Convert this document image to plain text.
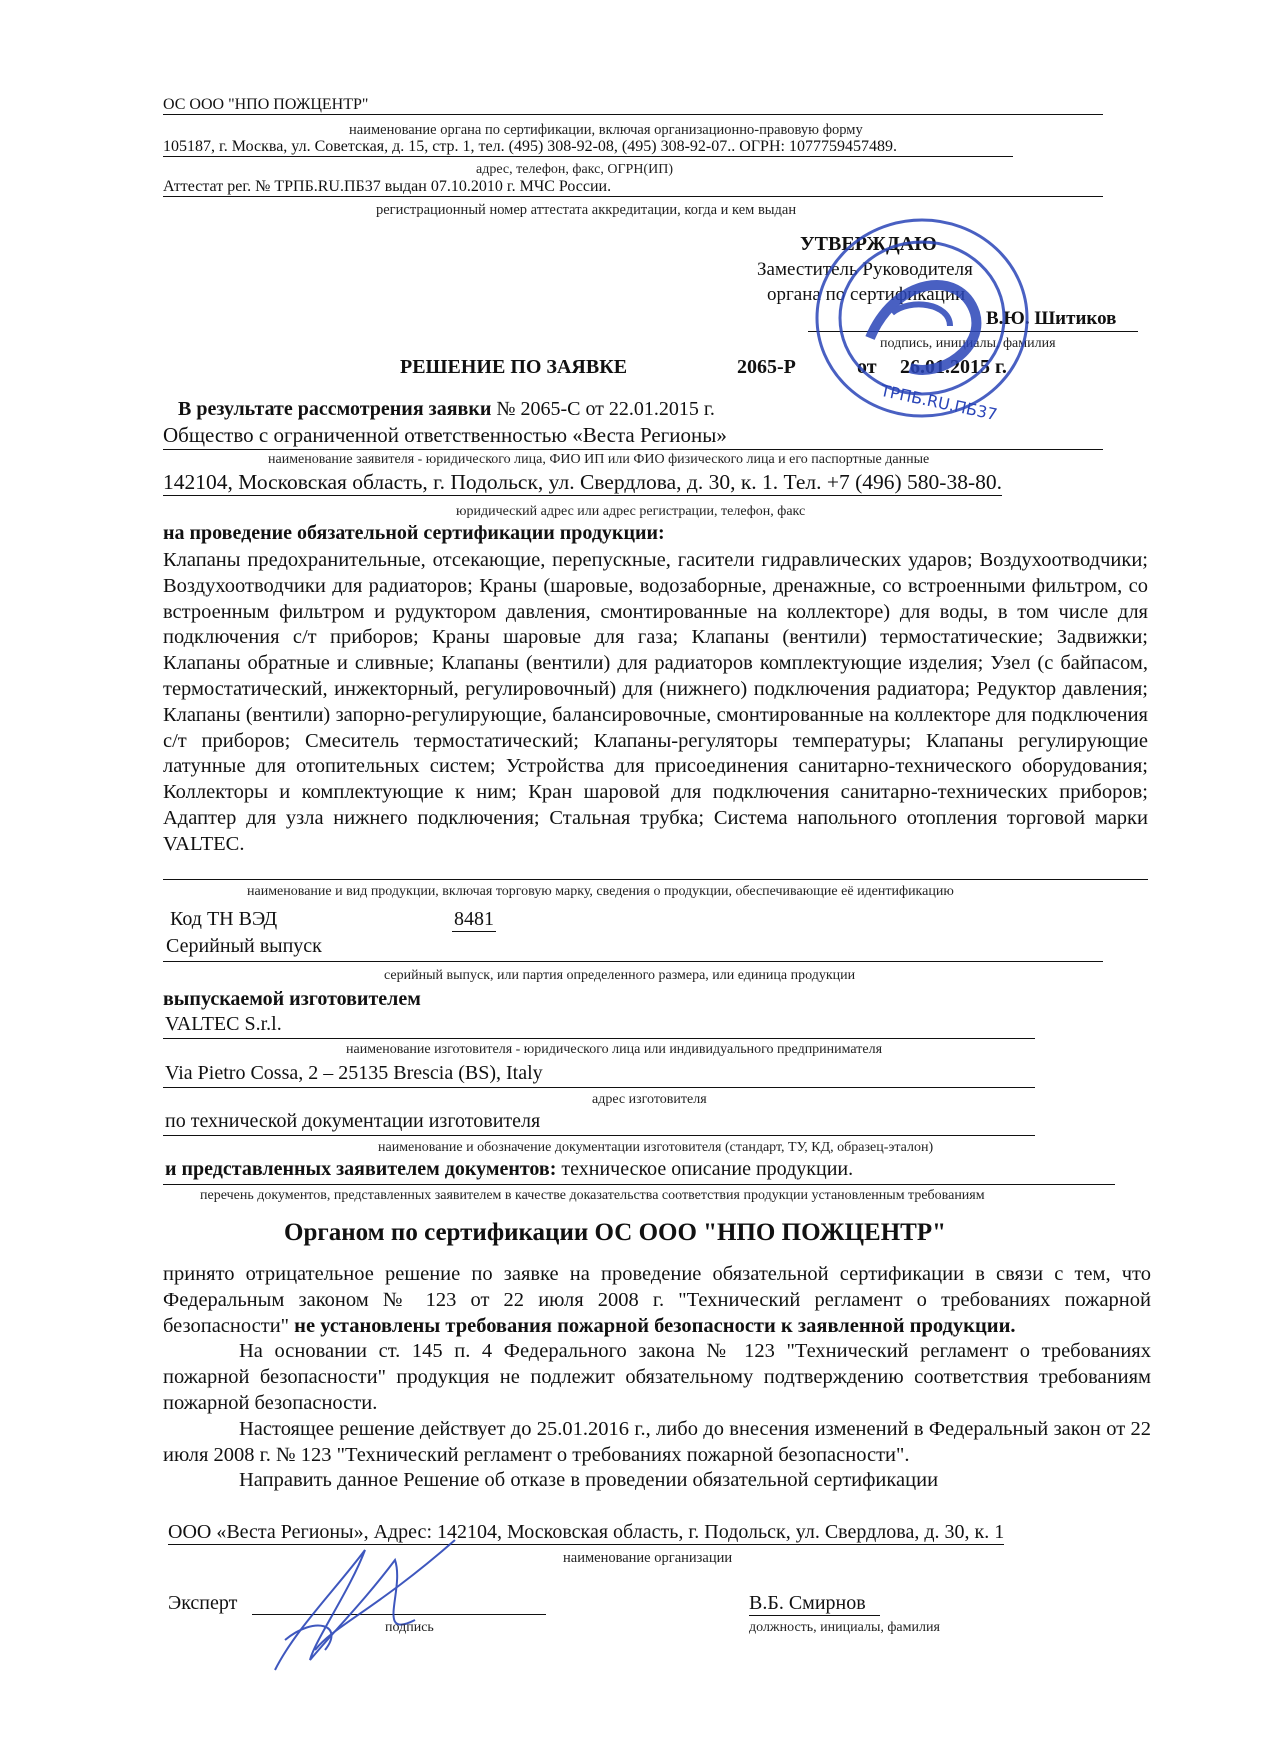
ОС ООО "НПО ПОЖЦЕНТР"
наименование органа по сертификации, включая организационно-правовую форму
105187, г. Москва, ул. Советская, д. 15, стр. 1, тел. (495) 308-92-08, (495) 308-92-07.. ОГРН: 1077759457489.
адрес, телефон, факс, ОГРН(ИП)
Аттестат рег. № ТРПБ.RU.ПБ37 выдан 07.10.2010 г. МЧС России.
регистрационный номер аттестата аккредитации, когда и кем выдан
УТВЕРЖДАЮ
Заместитель Руководителя
органа по сертификации
В.Ю. Шитиков
подпись, инициалы, фамилия
РЕШЕНИЕ ПО ЗАЯВКЕ	2065-Р	от 26.01.2015 г.
ТРПБ.RU.ПБ37
В результате рассмотрения заявки № 2065-С от 22.01.2015 г.
Общество с ограниченной ответственностью «Веста Регионы»
наименование заявителя - юридического лица, ФИО ИП или ФИО физического лица и его паспортные данные
142104, Московская область, г. Подольск, ул. Свердлова, д. 30, к. 1. Тел. +7 (496) 580-38-80.
юридический адрес или адрес регистрации, телефон, факс
на проведение обязательной сертификации продукции:
Клапаны предохранительные, отсекающие, перепускные, гасители гидравлических ударов; Воздухоотводчики; Воздухоотводчики для радиаторов; Краны (шаровые, водозаборные, дренажные, со встроенными фильтром, со встроенным фильтром и рудуктором давления, смонтированные на коллекторе) для воды, в том числе для подключения с/т приборов; Краны шаровые для газа; Клапаны (вентили) термостатические; Задвижки; Клапаны обратные и сливные; Клапаны (вентили) для радиаторов комплектующие изделия; Узел (с байпасом, термостатический, инжекторный, регулировочный) для (нижнего) подключения радиатора; Редуктор давления; Клапаны (вентили) запорно-регулирующие, балансировочные, смонтированные на коллекторе для подключения с/т приборов; Смеситель термостатический; Клапаны-регуляторы температуры; Клапаны регулирующие латунные для отопительных систем; Устройства для присоединения санитарно-технического оборудования; Коллекторы и комплектующие к ним; Кран шаровой для подключения санитарно-технических приборов; Адаптер для узла нижнего подключения; Стальная трубка; Система напольного отопления торговой марки VALTEC.
наименование и вид продукции, включая торговую марку, сведения о продукции, обеспечивающие её идентификацию
Код ТН ВЭД	8481
Серийный выпуск
серийный выпуск, или партия определенного размера, или единица продукции
выпускаемой изготовителем
VALTEC S.r.l.
наименование изготовителя - юридического лица или индивидуального предпринимателя
Via Pietro Cossa, 2 – 25135 Brescia (BS), Italy
адрес изготовителя
по технической документации изготовителя
наименование и обозначение документации изготовителя (стандарт, ТУ, КД, образец-эталон)
и представленных заявителем документов: техническое описание продукции.
перечень документов, представленных заявителем в качестве доказательства соответствия продукции установленным требованиям
Органом по сертификации ОС ООО "НПО ПОЖЦЕНТР"

принято отрицательное решение по заявке на проведение обязательной сертификации в связи с тем, что Федеральным законом № 123 от 22 июля 2008 г. "Технический регламент о требованиях пожарной безопасности" не установлены требования пожарной безопасности к заявленной продукции.

На основании ст. 145 п. 4 Федерального закона № 123 "Технический регламент о требованиях пожарной безопасности" продукция не подлежит обязательному подтверждению соответствия требованиям пожарной безопасности.

Настоящее решение действует до 25.01.2016 г., либо до внесения изменений в Федеральный закон от 22 июля 2008 г. № 123 "Технический регламент о требованиях пожарной безопасности".

Направить данное Решение об отказе в проведении обязательной сертификации

ООО «Веста Регионы», Адрес: 142104, Московская область, г. Подольск, ул. Свердлова, д. 30, к. 1
наименование организации
Эксперт
подпись
В.Б. Смирнов
должность, инициалы, фамилия
